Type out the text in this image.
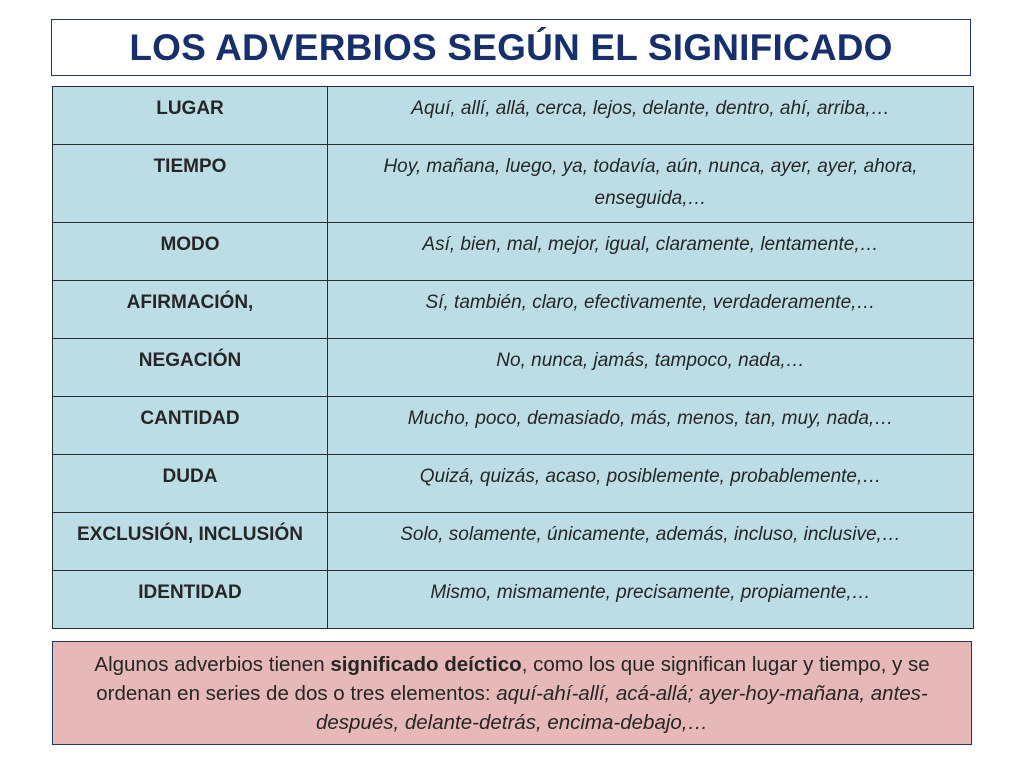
LOS ADVERBIOS SEGÚN EL SIGNIFICADO
LUGAR	Aquí, allí, allá, cerca, lejos, delante, dentro, ahí, arriba,…
TIEMPO	Hoy, mañana, luego, ya, todavía, aún, nunca, ayer, ayer, ahora, enseguida,…
MODO	Así, bien, mal, mejor, igual, claramente, lentamente,…
AFIRMACIÓN,	Sí, también, claro, efectivamente, verdaderamente,…
NEGACIÓN	No, nunca, jamás, tampoco, nada,…
CANTIDAD	Mucho, poco, demasiado, más, menos, tan, muy, nada,…
DUDA	Quizá, quizás, acaso, posiblemente, probablemente,…
EXCLUSIÓN, INCLUSIÓN	Solo, solamente, únicamente, además, incluso, inclusive,…
IDENTIDAD	Mismo, mismamente, precisamente, propiamente,…

Algunos adverbios tienen significado deíctico, como los que significan lugar y tiempo, y se ordenan en series de dos o tres elementos: aquí-ahí-allí, acá-allá; ayer-hoy-mañana, antes-después, delante-detrás, encima-debajo,…
